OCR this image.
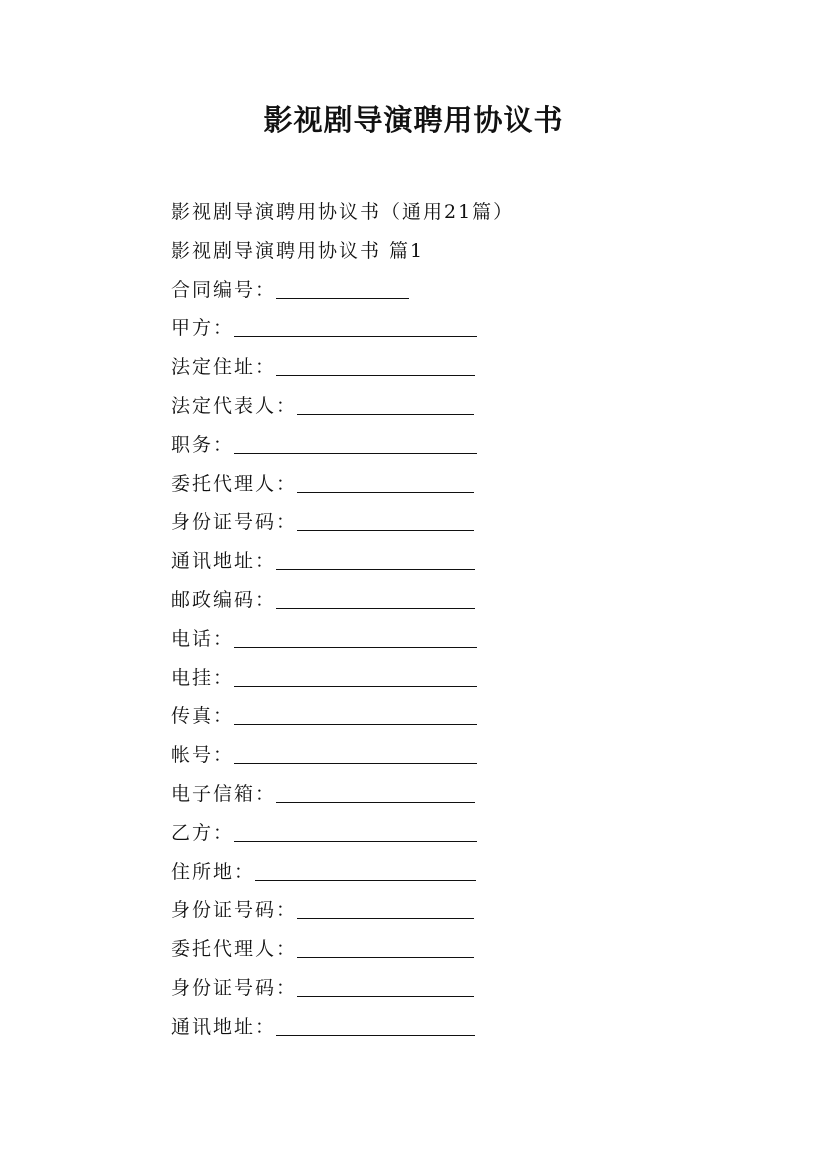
影视剧导演聘用协议书
影视剧导演聘用协议书（通用21篇）
影视剧导演聘用协议书 篇1
合同编号：
甲方：
法定住址：
法定代表人：
职务：
委托代理人：
身份证号码：
通讯地址：
邮政编码：
电话：
电挂：
传真：
帐号：
电子信箱：
乙方：
住所地：
身份证号码：
委托代理人：
身份证号码：
通讯地址：
